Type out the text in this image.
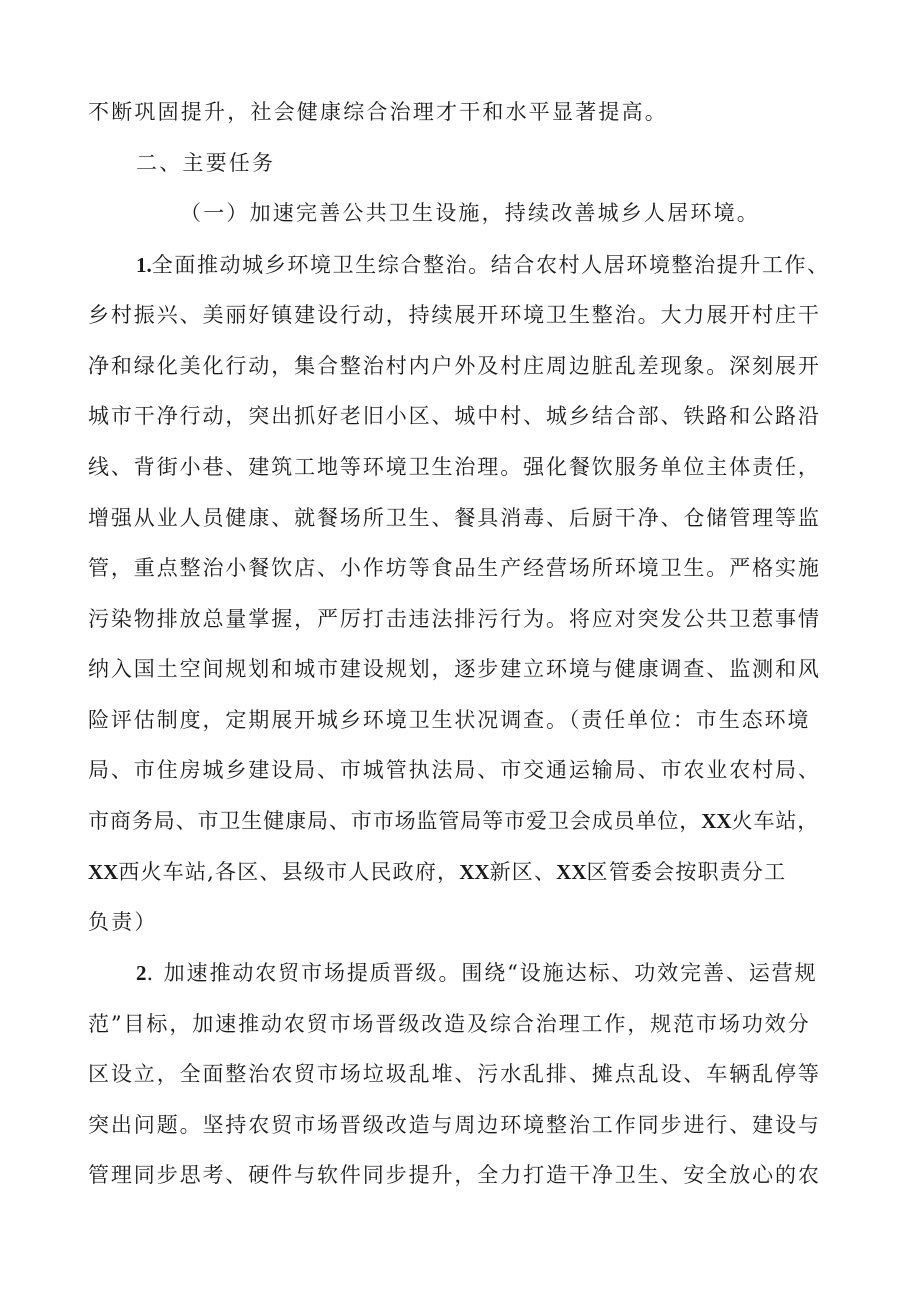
不断巩固提升，社会健康综合治理才干和水平显著提高。
二、主要任务
（一）加速完善公共卫生设施，持续改善城乡人居环境。
1.全面推动城乡环境卫生综合整治。结合农村人居环境整治提升工作、
乡村振兴、美丽好镇建设行动，持续展开环境卫生整治。大力展开村庄干
净和绿化美化行动，集合整治村内户外及村庄周边脏乱差现象。深刻展开
城市干净行动，突出抓好老旧小区、城中村、城乡结合部、铁路和公路沿
线、背街小巷、建筑工地等环境卫生治理。强化餐饮服务单位主体责任，
增强从业人员健康、就餐场所卫生、餐具消毒、后厨干净、仓储管理等监
管，重点整治小餐饮店、小作坊等食品生产经营场所环境卫生。严格实施
污染物排放总量掌握，严厉打击违法排污行为。将应对突发公共卫惹事情
纳入国土空间规划和城市建设规划，逐步建立环境与健康调查、监测和风
险评估制度，定期展开城乡环境卫生状况调查。（责任单位：市生态环境
局、市住房城乡建设局、市城管执法局、市交通运输局、市农业农村局、
市商务局、市卫生健康局、市市场监管局等市爱卫会成员单位，XX火车站，
XX西火车站,各区、县级市人民政府，XX新区、XX区管委会按职责分工
负责）
2. 加速推动农贸市场提质晋级。围绕“设施达标、功效完善、运营规
范”目标，加速推动农贸市场晋级改造及综合治理工作，规范市场功效分
区设立，全面整治农贸市场垃圾乱堆、污水乱排、摊点乱设、车辆乱停等
突出问题。坚持农贸市场晋级改造与周边环境整治工作同步进行、建设与
管理同步思考、硬件与软件同步提升，全力打造干净卫生、安全放心的农
